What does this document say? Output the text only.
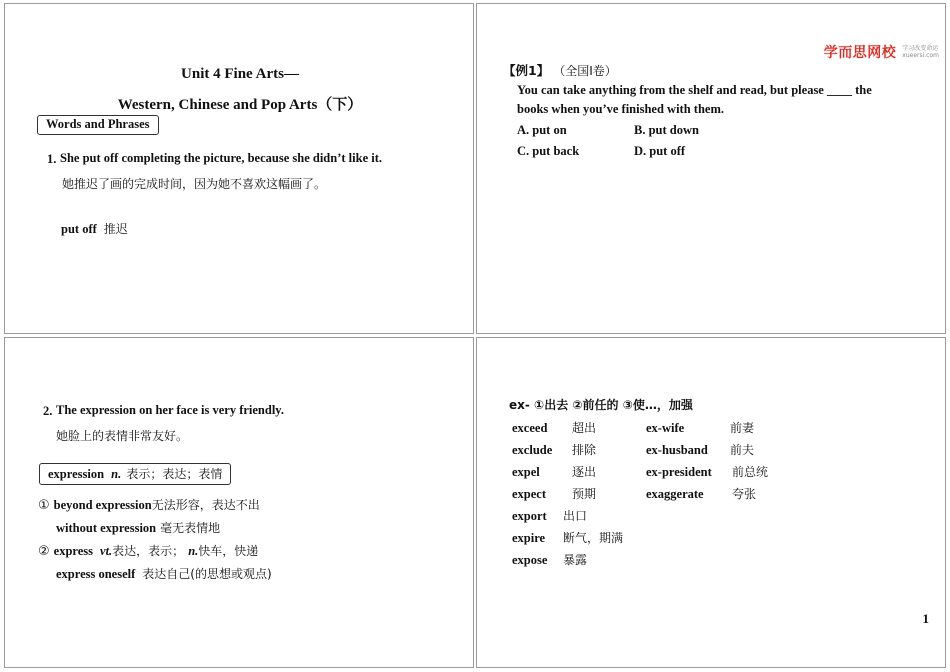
Unit 4 Fine Arts—
Western, Chinese and Pop Arts（下）
Words and Phrases
1. She put off completing the picture, because she didn’t like it.
她推迟了画的完成时间，因为她不喜欢这幅画了。
put off 推迟
学而思网校 学习改变命运
xueersi.com
【例1】 （全国I卷）
You can take anything from the shelf and read, but please ____ the
books when you’ve finished with them.
A. put on	B. put down
C. put back	D. put off
2. The expression on her face is very friendly.
她脸上的表情非常友好。
expression n. 表示；表达；表情
① beyond expression无法形容，表达不出
without expression 毫无表情地
② express vt.表达，表示； n.快车，快递
express oneself 表达自己(的思想或观点)
ex- ①出去 ②前任的 ③使…，加强
exceed 超出
exclude 排除
expel	逐出
expect 预期
export 出口
expire 断气，期满
expose 暴露
ex-wife	前妻
ex-husband 前夫
ex-president 前总统
exaggerate 夸张
1
